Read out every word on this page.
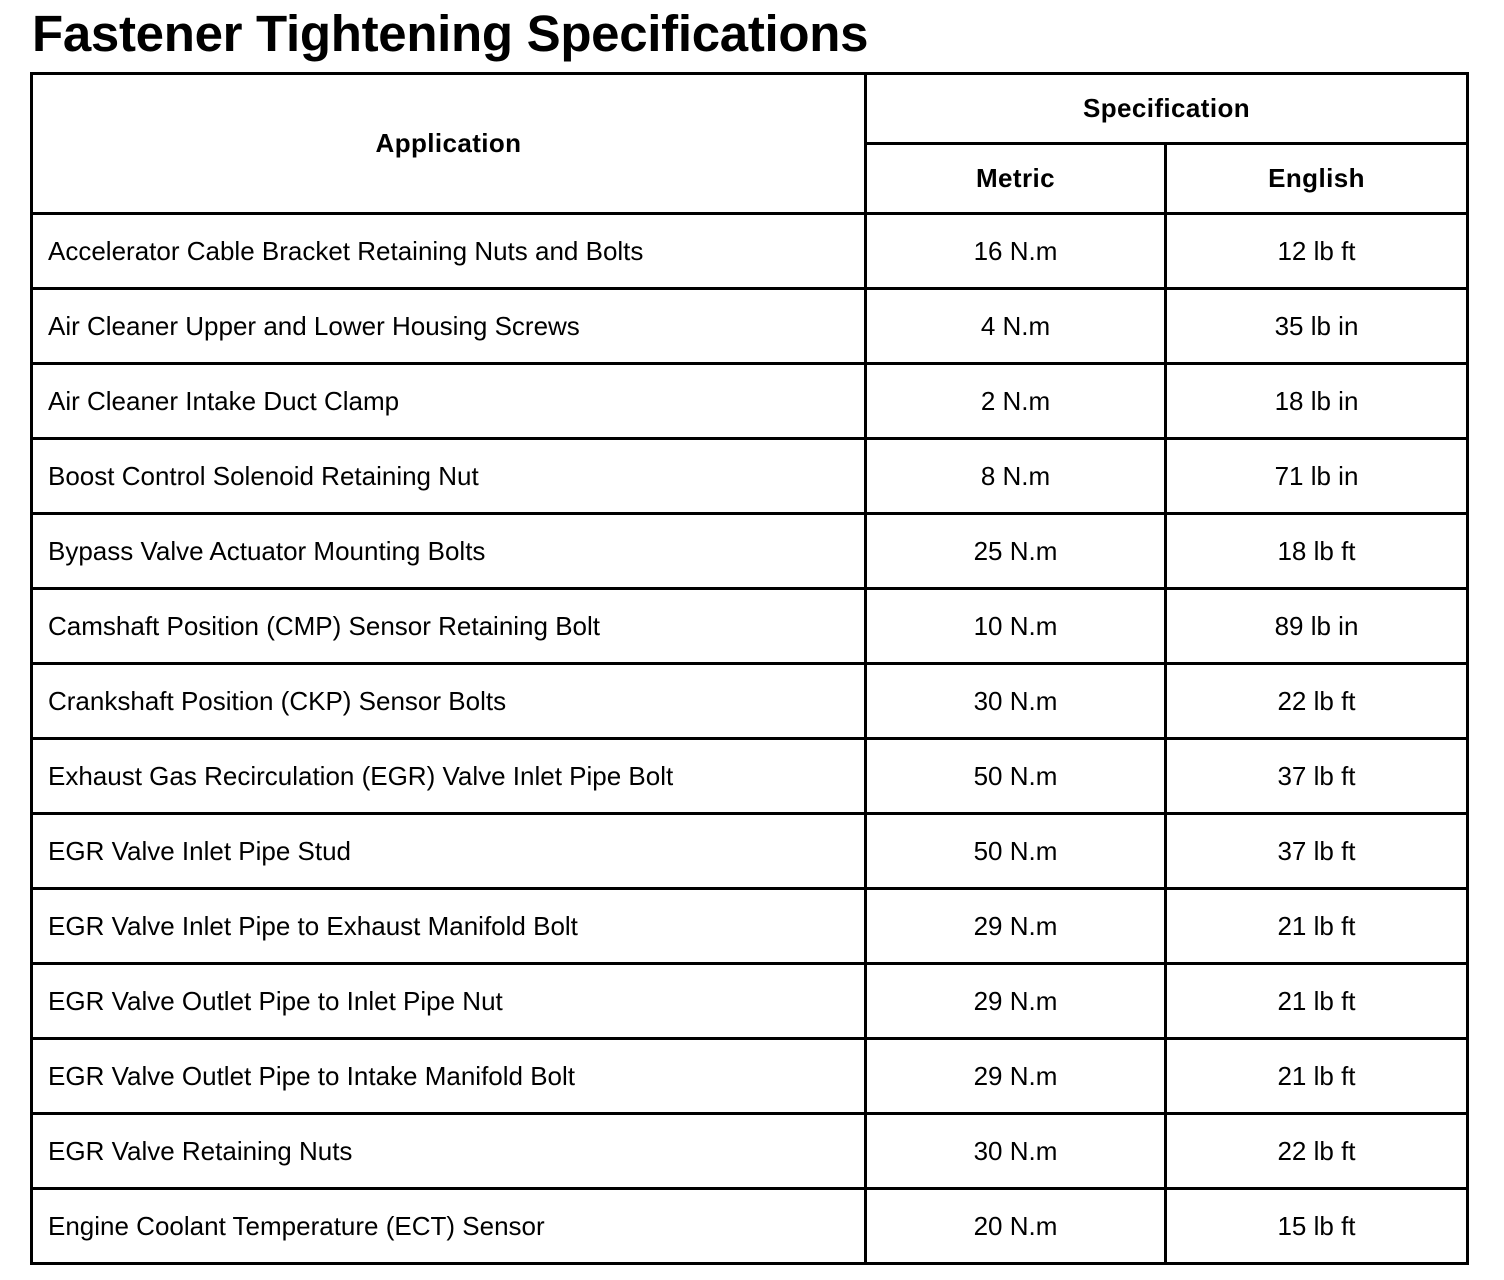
Fastener Tightening Specifications
Application	Specification	
	Metric	English
Accelerator Cable Bracket Retaining Nuts and Bolts	16 N.m	12 lb ft
Air Cleaner Upper and Lower Housing Screws	4 N.m	35 lb in
Air Cleaner Intake Duct Clamp	2 N.m	18 lb in
Boost Control Solenoid Retaining Nut	8 N.m	71 lb in
Bypass Valve Actuator Mounting Bolts	25 N.m	18 lb ft
Camshaft Position (CMP) Sensor Retaining Bolt	10 N.m	89 lb in
Crankshaft Position (CKP) Sensor Bolts	30 N.m	22 lb ft
Exhaust Gas Recirculation (EGR) Valve Inlet Pipe Bolt	50 N.m	37 lb ft
EGR Valve Inlet Pipe Stud	50 N.m	37 lb ft
EGR Valve Inlet Pipe to Exhaust Manifold Bolt	29 N.m	21 lb ft
EGR Valve Outlet Pipe to Inlet Pipe Nut	29 N.m	21 lb ft
EGR Valve Outlet Pipe to Intake Manifold Bolt	29 N.m	21 lb ft
EGR Valve Retaining Nuts	30 N.m	22 lb ft
Engine Coolant Temperature (ECT) Sensor	20 N.m	15 lb ft
